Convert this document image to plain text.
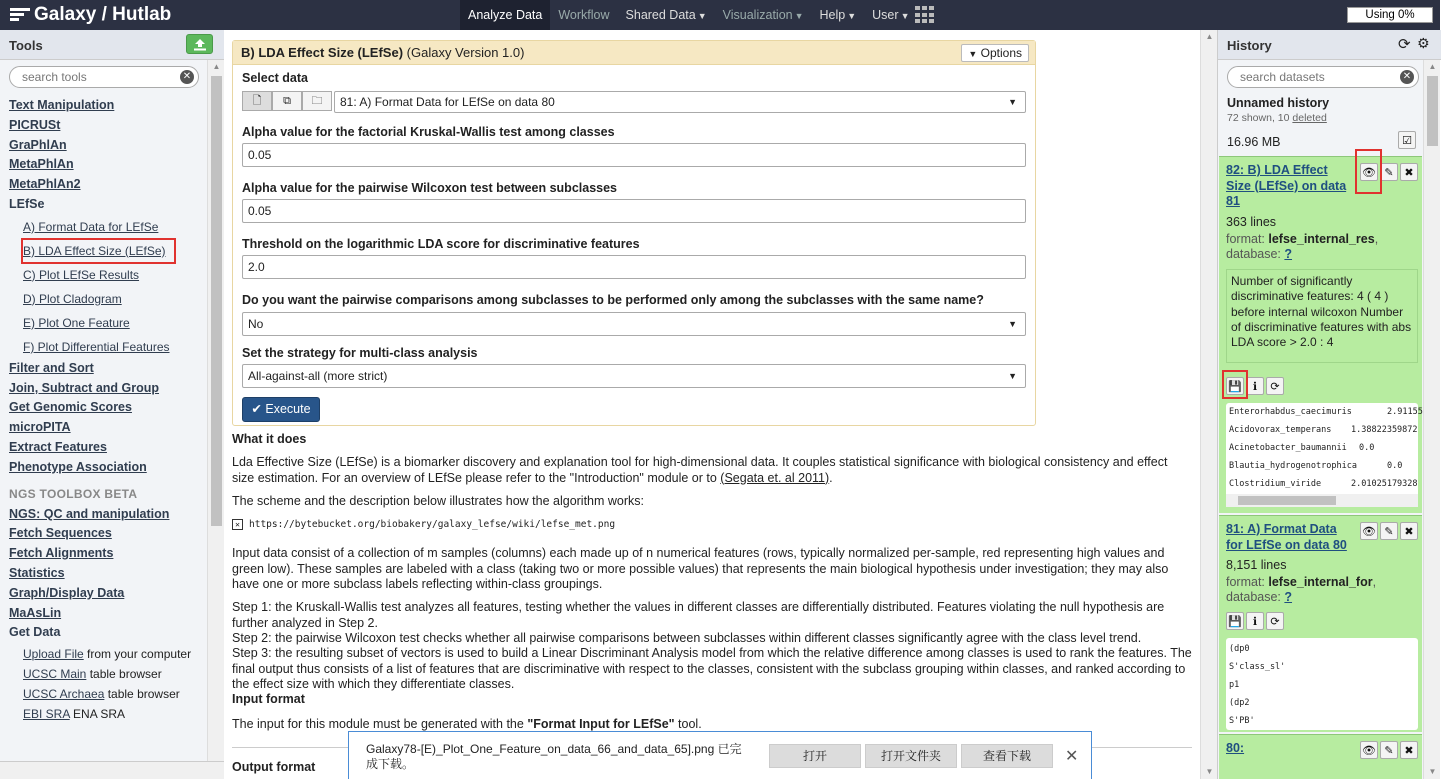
Galaxy / Hutlab	Analyze Data	Workflow	Shared Data ▼	Visualization ▼	Help ▼	User ▼	Using 0%
Tools
search tools	✕
Text Manipulation
PICRUSt
GraPhlAn
MetaPhlAn
MetaPhlAn2
LEfSe
A) Format Data for LEfSe
B) LDA Effect Size (LEfSe)
C) Plot LEfSe Results
D) Plot Cladogram
E) Plot One Feature
F) Plot Differential Features
Filter and Sort
Join, Subtract and Group
Get Genomic Scores
microPITA
Extract Features
Phenotype Association
NGS TOOLBOX BETA
NGS: QC and manipulation
Fetch Sequences
Fetch Alignments
Statistics
Graph/Display Data
MaAsLin
Get Data
Upload File from your computer
UCSC Main table browser
UCSC Archaea table browser
EBI SRA ENA SRA
▲
B) LDA Effect Size (LEfSe) (Galaxy Version 1.0)	▼ Options
Select data
🗋	⧉	🗀	81: A) Format Data for LEfSe on data 80	▼
Alpha value for the factorial Kruskal-Wallis test among classes
0.05
Alpha value for the pairwise Wilcoxon test between subclasses
0.05
Threshold on the logarithmic LDA score for discriminative features
2.0
Do you want the pairwise comparisons among subclasses to be performed only among the subclasses with the same name?
No	▼
Set the strategy for multi-class analysis
All-against-all (more strict)	▼
✔ Execute

What it does

Lda Effective Size (LEfSe) is a biomarker discovery and explanation tool for high-dimensional data. It couples statistical significance with biological consistency and effect size estimation. For an overview of LEfSe please refer to the "Introduction" module or to (Segata et. al 2011).

The scheme and the description below illustrates how the algorithm works:

✕ https://bytebucket.org/biobakery/galaxy_lefse/wiki/lefse_met.png

Input data consist of a collection of m samples (columns) each made up of n numerical features (rows, typically normalized per-sample, red representing high values and green low). These samples are labeled with a class (taking two or more possible values) that represents the main biological hypothesis under investigation; they may also have one or more subclass labels reflecting within-class groupings.

Step 1: the Kruskall-Wallis test analyzes all features, testing whether the values in different classes are differentially distributed. Features violating the null hypothesis are further analyzed in Step 2.
Step 2: the pairwise Wilcoxon test checks whether all pairwise comparisons between subclasses within different classes significantly agree with the class level trend.
Step 3: the resulting subset of vectors is used to build a Linear Discriminant Analysis model from which the relative difference among classes is used to rank the features. The final output thus consists of a list of features that are discriminative with respect to the classes, consistent with the subclass grouping within classes, and ranked according to the effect size with which they differentiate classes.

Input format

The input for this module must be generated with the "Format Input for LEfSe" tool.

Output format

▲
▼
History	⟳ ⚙
search datasets	✕
Unnamed history
72 shown, 10 deleted
16.96 MB	☑
82: B) LDA Effect Size (LEfSe) on data 81
👁 ✎ ✖
363 lines
format: lefse_internal_res,
database: ?
Number of significantly discriminative features: 4 ( 4 ) before internal wilcoxon Number of discriminative features with abs LDA score > 2.0 : 4
💾	ℹ	⟳
Enterorhabdus_caecimuris	2.91155
Acidovorax_temperans 1.38822359872
Acinetobacter_baumannii 0.0
Blautia_hydrogenotrophica	0.0
Clostridium_viride	2.01025179328
81: A) Format Data for LEfSe on data 80
👁 ✎ ✖
8,151 lines
format: lefse_internal_for,
database: ?
💾	ℹ	⟳
(dp0
S'class_sl'
p1
(dp2
S'PB'
80:	👁 ✎ ✖
▲
▼
Galaxy78-[E)_Plot_One_Feature_on_data_66_and_data_65].png 已完成下载。
打开	打开文件夹	查看下载	✕
